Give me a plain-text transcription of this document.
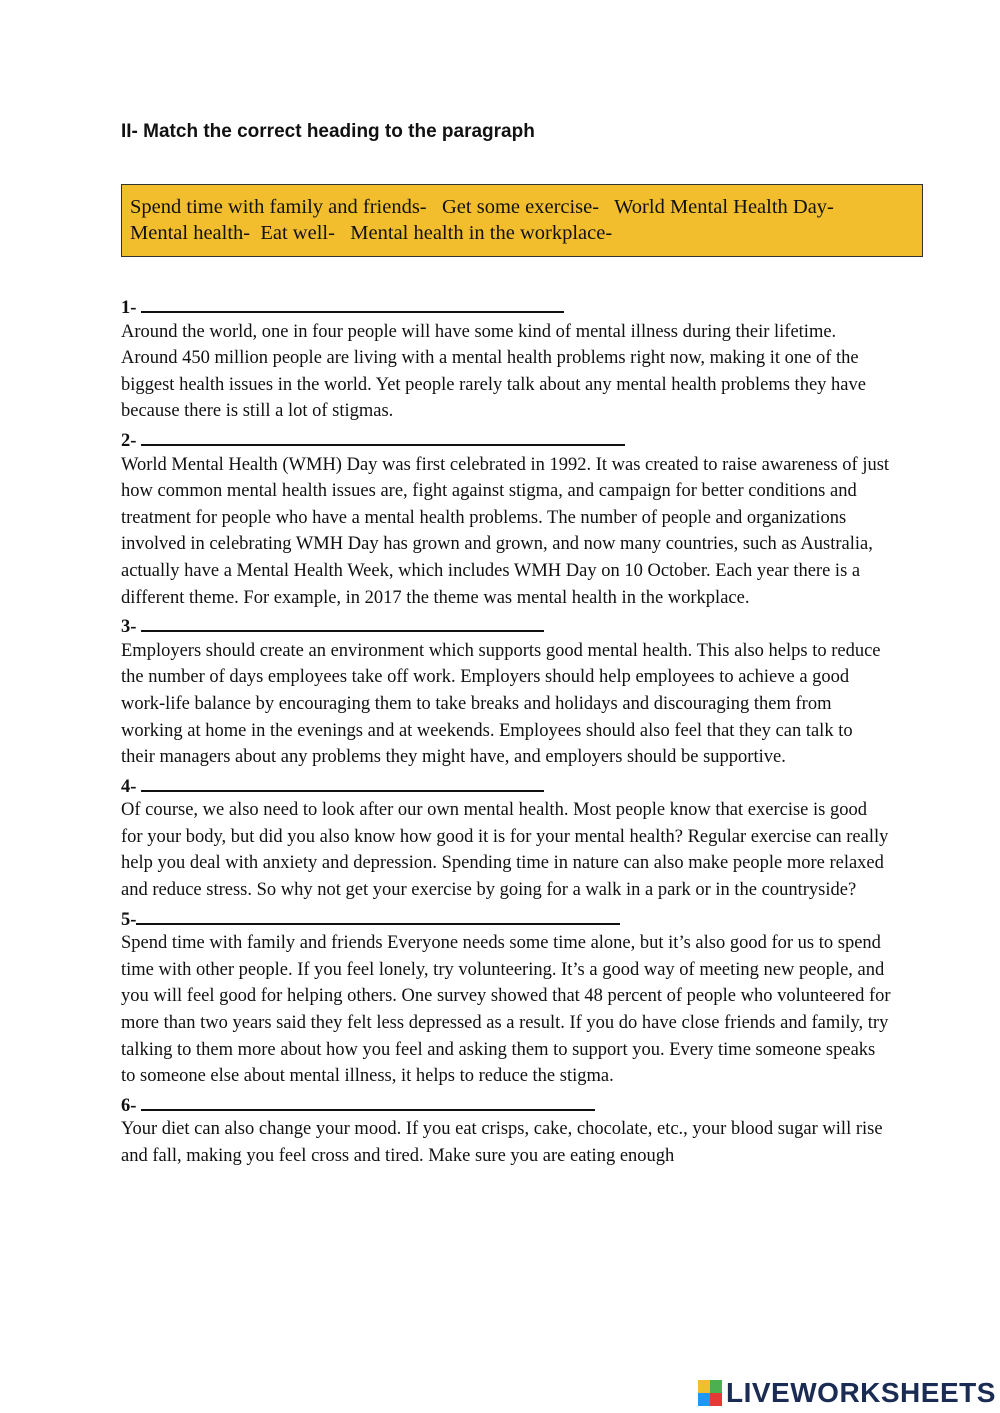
II- Match the correct heading to the paragraph
Spend time with family and friends-   Get some exercise-   World Mental Health Day-
Mental health-  Eat well-   Mental health in the workplace-
1-

Around the world, one in four people will have some kind of mental illness during their lifetime. Around 450 million people are living with a mental health problems right now, making it one of the biggest health issues in the world. Yet people rarely talk about any mental health problems they have because there is still a lot of stigmas.

2-

World Mental Health (WMH) Day was first celebrated in 1992. It was created to raise awareness of just how common mental health issues are, fight against stigma, and campaign for better conditions and treatment for people who have a mental health problems. The number of people and organizations involved in celebrating WMH Day has grown and grown, and now many countries, such as Australia, actually have a Mental Health Week, which includes WMH Day on 10 October. Each year there is a different theme. For example, in 2017 the theme was mental health in the workplace.

3-

Employers should create an environment which supports good mental health. This also helps to reduce the number of days employees take off work. Employers should help employees to achieve a good work-life balance by encouraging them to take breaks and holidays and discouraging them from working at home in the evenings and at weekends. Employees should also feel that they can talk to their managers about any problems they might have, and employers should be supportive.

4-

Of course, we also need to look after our own mental health. Most people know that exercise is good for your body, but did you also know how good it is for your mental health? Regular exercise can really help you deal with anxiety and depression. Spending time in nature can also make people more relaxed and reduce stress. So why not get your exercise by going for a walk in a park or in the countryside?

5-

Spend time with family and friends Everyone needs some time alone, but it’s also good for us to spend time with other people. If you feel lonely, try volunteering. It’s a good way of meeting new people, and you will feel good for helping others. One survey showed that 48 percent of people who volunteered for more than two years said they felt less depressed as a result. If you do have close friends and family, try talking to them more about how you feel and asking them to support you. Every time someone speaks to someone else about mental illness, it helps to reduce the stigma.

6-

Your diet can also change your mood. If you eat crisps, cake, chocolate, etc., your blood sugar will rise and fall, making you feel cross and tired. Make sure you are eating enough

LIVEWORKSHEETS
